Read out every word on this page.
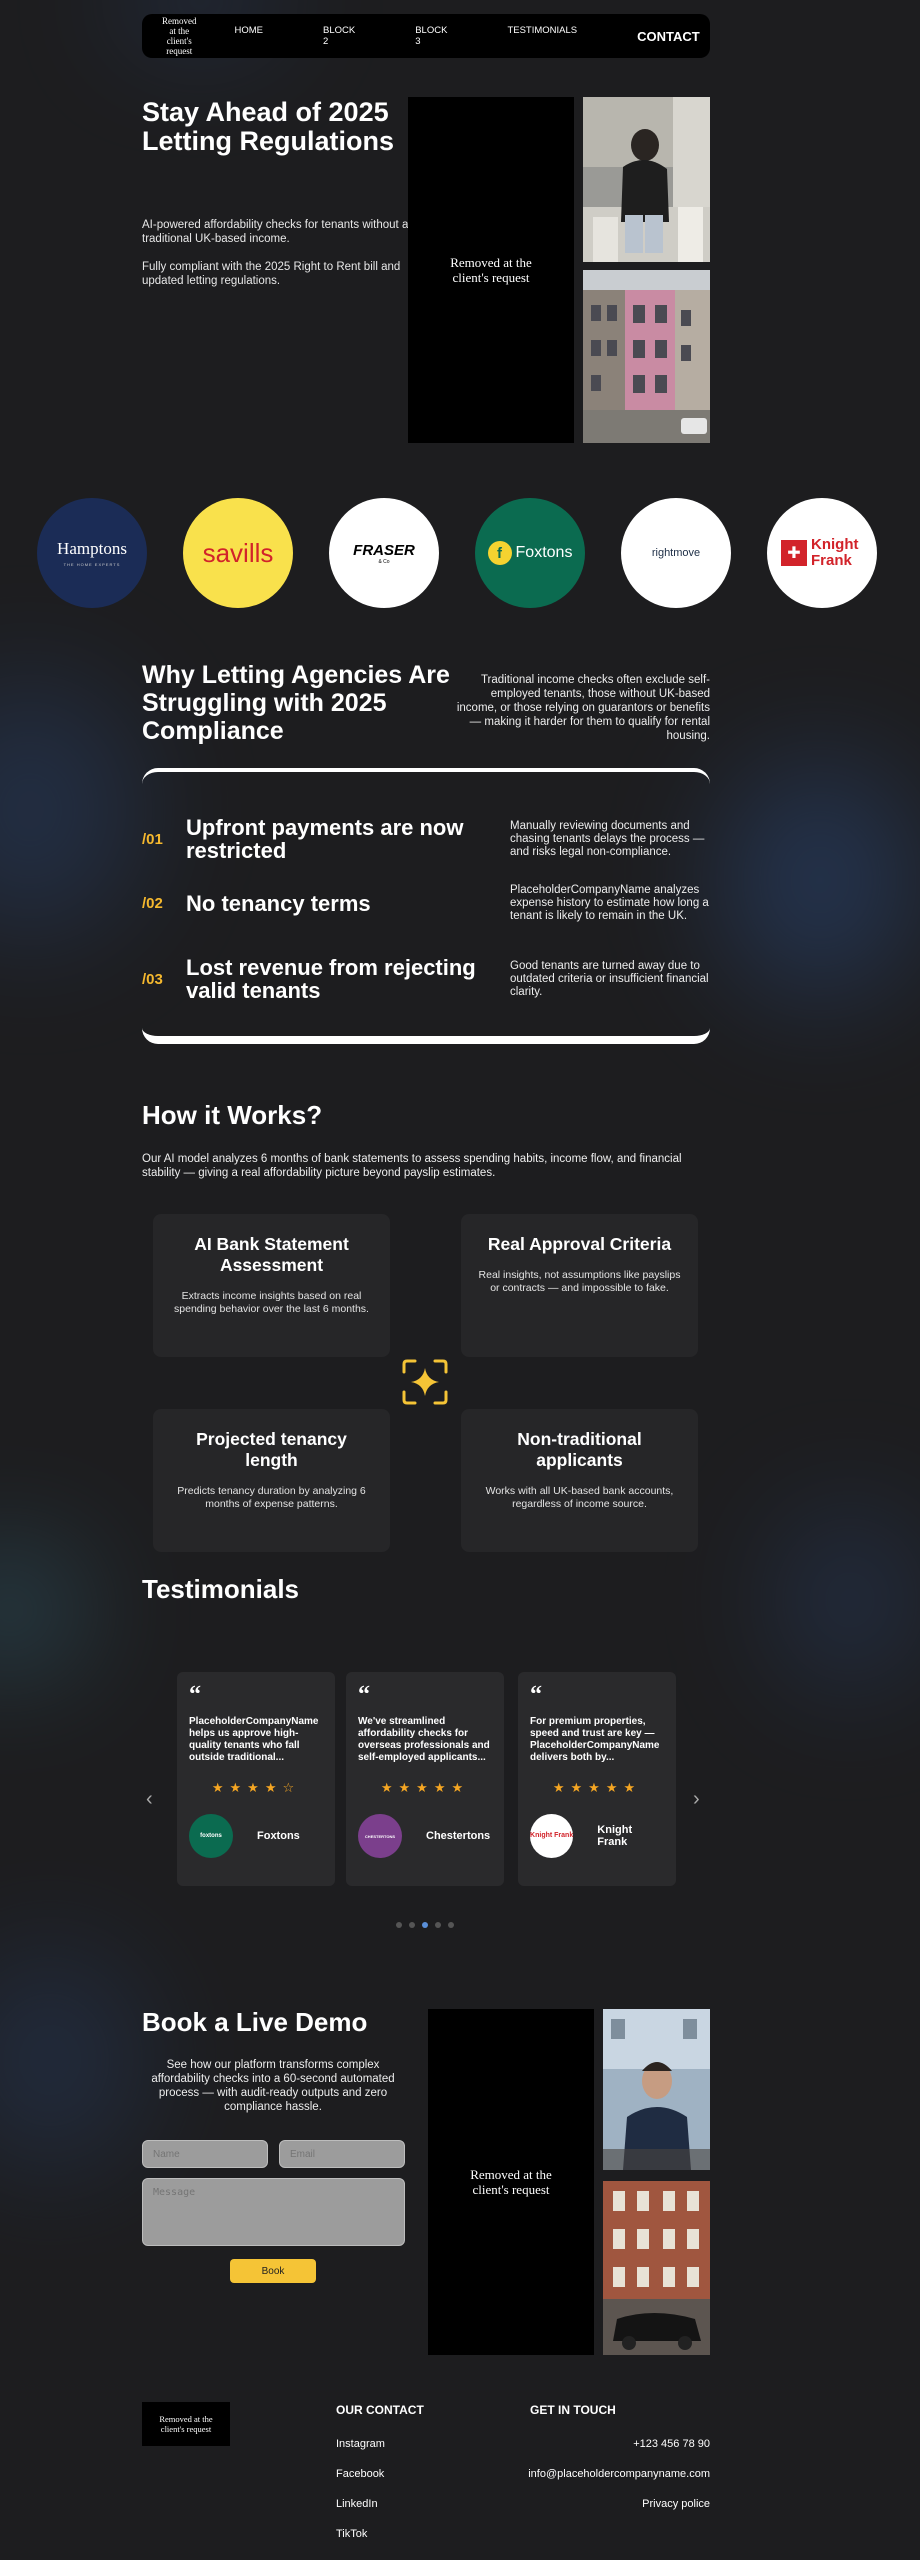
Removed at the client's request
HOME	BLOCK 2
BLOCK 3
TESTIMONIALS	CONTACT
Stay Ahead of 2025 Letting Regulations

AI-powered affordability checks for tenants without a traditional UK-based income.

Fully compliant with the 2025 Right to Rent bill and updated letting regulations.

Removed at the client's request
Hamptons
THE HOME EXPERTS	savills	FRASER
& Co	f Foxtons	rightmove	✚
Knight Frank
Why Letting Agencies Are Struggling with 2025 Compliance

Traditional income checks often exclude self-employed tenants, those without UK-based income, or those relying on guarantors or benefits — making it harder for them to qualify for rental housing.

/01	Upfront payments are now restricted
Manually reviewing documents and chasing tenants delays the process — and risks legal non-compliance.
/02	No tenancy terms
PlaceholderCompanyName analyzes expense history to estimate how long a tenant is likely to remain in the UK.
/03	Lost revenue from rejecting valid tenants
Good tenants are turned away due to outdated criteria or insufficient financial clarity.
How it Works?

Our AI model analyzes 6 months of bank statements to assess spending habits, income flow, and financial stability — giving a real affordability picture beyond payslip estimates.

AI Bank Statement Assessment
Extracts income insights based on real spending behavior over the last 6 months.
Real Approval Criteria
Real insights, not assumptions like payslips or contracts — and impossible to fake.
Projected tenancy length
Predicts tenancy duration by analyzing 6 months of expense patterns.
Non-traditional applicants
Works with all UK-based bank accounts, regardless of income source.
Testimonials
‹	›
“
PlaceholderCompanyName helps us approve high-quality tenants who fall outside traditional...
★★★★☆
foxtons	Foxtons
“
We've streamlined affordability checks for overseas professionals and self-employed applicants...
★★★★★
CHESTERTONS	Chestertons
“
For premium properties, speed and trust are key — PlaceholderCompanyName delivers both by...
★★★★★
Knight Frank Knight Frank
Book a Live Demo

See how our platform transforms complex affordability checks into a 60-second automated process — with audit-ready outputs and zero compliance hassle.

Name
Email
Message
Book
Removed at the client's request
Removed at the client's request
OUR CONTACT
Instagram
Facebook
LinkedIn
TikTok
GET IN TOUCH
+123 456 78 90
info@placeholdercompanyname.com
Privacy police
